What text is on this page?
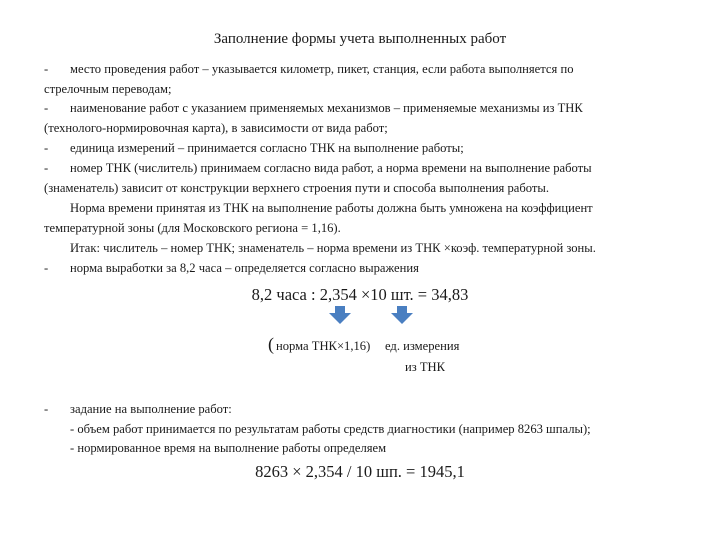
Заполнение формы учета выполненных работ
- место проведения работ – указывается километр, пикет, станция, если работа выполняется по
стрелочным переводам;
- наименование работ с указанием применяемых механизмов – применяемые механизмы из ТНК
(технолого-нормировочная карта), в зависимости от вида работ;
- единица измерений – принимается согласно ТНК на выполнение работы;
- номер ТНК (числитель) принимаем согласно вида работ, а норма времени на выполнение работы
(знаменатель) зависит от конструкции верхнего строения пути и способа выполнения работы.
Норма времени принятая из ТНК на выполнение работы должна быть умножена на коэффициент
температурной зоны (для Московского региона = 1,16).
Итак: числитель – номер ТНК; знаменатель – норма времени из ТНК ×коэф. температурной зоны.
- норма выработки за 8,2 часа – определяется согласно выражения
8,2 часа : 2,354 ×10 шт. = 34,83
( норма ТНК×1,16) ед. измерения
из ТНК
- задание на выполнение работ:
- объем работ принимается по результатам работы средств диагностики (например 8263 шпалы);
- нормированное время на выполнение работы определяем
8263 × 2,354 / 10 шп. = 1945,1
